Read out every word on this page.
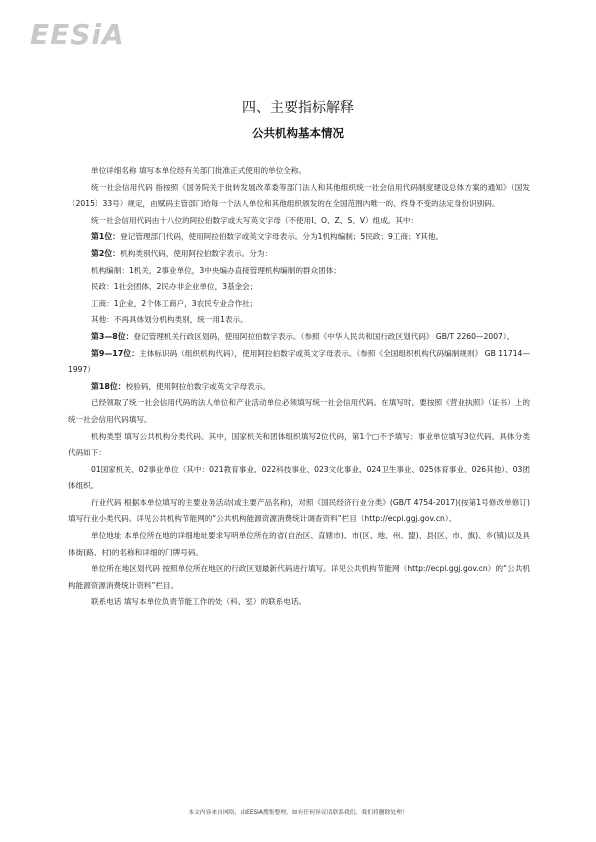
EESiA
四、主要指标解释
公共机构基本情况

单位详细名称 填写本单位经有关部门批准正式使用的单位全称。

统一社会信用代码 指按照《国务院关于批转发展改革委等部门法人和其他组织统一社会信用代码制度建设总体方案的通知》（国发〔2015〕33号）规定，由赋码主管部门给每一个法人单位和其他组织颁发的在全国范围内唯一的、终身不变的法定身份识别码。

统一社会信用代码由十八位的阿拉伯数字或大写英文字母（不使用I、O、Z、S、V）组成。其中：

第1位：登记管理部门代码，使用阿拉伯数字或英文字母表示。分为1机构编制；5民政；9工商；Y其他。

第2位：机构类别代码，使用阿拉伯数字表示。分为：

机构编制：1机关，2事业单位，3中央编办直接管理机构编制的群众团体；

民政：1社会团体，2民办非企业单位，3基金会；

工商：1企业，2个体工商户，3农民专业合作社；

其他：不再具体划分机构类别，统一用1表示。

第3—8位：登记管理机关行政区划码，使用阿拉伯数字表示。（参照《中华人民共和国行政区划代码》 GB/T 2260—2007）。

第9—17位：主体标识码（组织机构代码），使用阿拉伯数字或英文字母表示。（参照《全国组织机构代码编制规则》 GB 11714—1997）

第18位：校验码，使用阿拉伯数字或英文字母表示。

已经领取了统一社会信用代码的法人单位和产业活动单位必须填写统一社会信用代码。在填写时，要按照《营业执照》（证书）上的统一社会信用代码填写。

机构类型 填写公共机构分类代码。其中，国家机关和团体组织填写2位代码，第1个□不予填写；事业单位填写3位代码。具体分类代码如下：

01国家机关、02事业单位（其中：021教育事业、022科技事业、023文化事业、024卫生事业、025体育事业、026其他）、03团体组织。

行业代码 根据本单位填写的主要业务活动(或主要产品名称)，对照《国民经济行业分类》(GB/T 4754-2017)(按第1号修改单修订)填写行业小类代码。详见公共机构节能网的“公共机构能源资源消费统计调查资料”栏目（http://ecpi.ggj.gov.cn）。

单位地址 本单位所在地的详细地址要求写明单位所在的省(自治区、直辖市)、市(区、地、州、盟)、县(区、市、旗)、乡(镇)以及具体街(路、村)的名称和详细的门牌号码。

单位所在地区划代码 按照单位所在地区的行政区划最新代码进行填写。详见公共机构节能网（http://ecpi.ggj.gov.cn）的“公共机构能源资源消费统计资料”栏目。

联系电话 填写本单位负责节能工作的处（科、室）的联系电话。

本文内容来自网络，由EESIA搜集整理，如有任何异议请联系我们，我们将删除处理！
